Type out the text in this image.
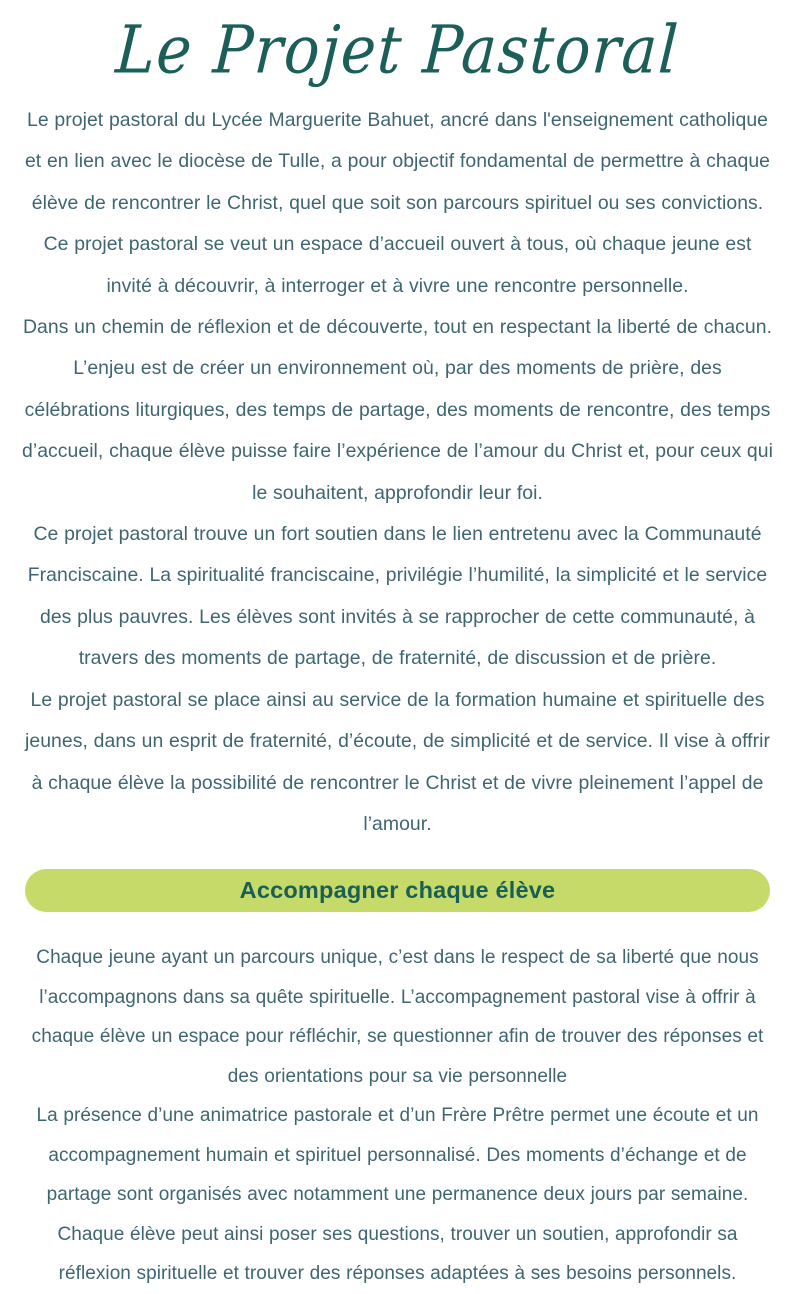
Le Projet Pastoral

Le projet pastoral du Lycée Marguerite Bahuet, ancré dans l'enseignement catholique et en lien avec le diocèse de Tulle, a pour objectif fondamental de permettre à chaque élève de rencontrer le Christ, quel que soit son parcours spirituel ou ses convictions. Ce projet pastoral se veut un espace d’accueil ouvert à tous, où chaque jeune est invité à découvrir, à interroger et à vivre une rencontre personnelle.

Dans un chemin de réflexion et de découverte, tout en respectant la liberté de chacun.

L’enjeu est de créer un environnement où, par des moments de prière, des célébrations liturgiques, des temps de partage, des moments de rencontre, des temps d’accueil, chaque élève puisse faire l’expérience de l’amour du Christ et, pour ceux qui le souhaitent, approfondir leur foi.

Ce projet pastoral trouve un fort soutien dans le lien entretenu avec la Communauté Franciscaine. La spiritualité franciscaine, privilégie l’humilité, la simplicité et le service des plus pauvres. Les élèves sont invités à se rapprocher de cette communauté, à travers des moments de partage, de fraternité, de discussion et de prière.

Le projet pastoral se place ainsi au service de la formation humaine et spirituelle des jeunes, dans un esprit de fraternité, d’écoute, de simplicité et de service. Il vise à offrir à chaque élève la possibilité de rencontrer le Christ et de vivre pleinement l’appel de l’amour.

Accompagner chaque élève

Chaque jeune ayant un parcours unique, c’est dans le respect de sa liberté que nous l’accompagnons dans sa quête spirituelle. L’accompagnement pastoral vise à offrir à chaque élève un espace pour réfléchir, se questionner afin de trouver des réponses et des orientations pour sa vie personnelle

La présence d’une animatrice pastorale et d’un Frère Prêtre permet une écoute et un accompagnement humain et spirituel personnalisé. Des moments d’échange et de partage sont organisés avec notamment une permanence deux jours par semaine.

Chaque élève peut ainsi poser ses questions, trouver un soutien, approfondir sa réflexion spirituelle et trouver des réponses adaptées à ses besoins personnels.
